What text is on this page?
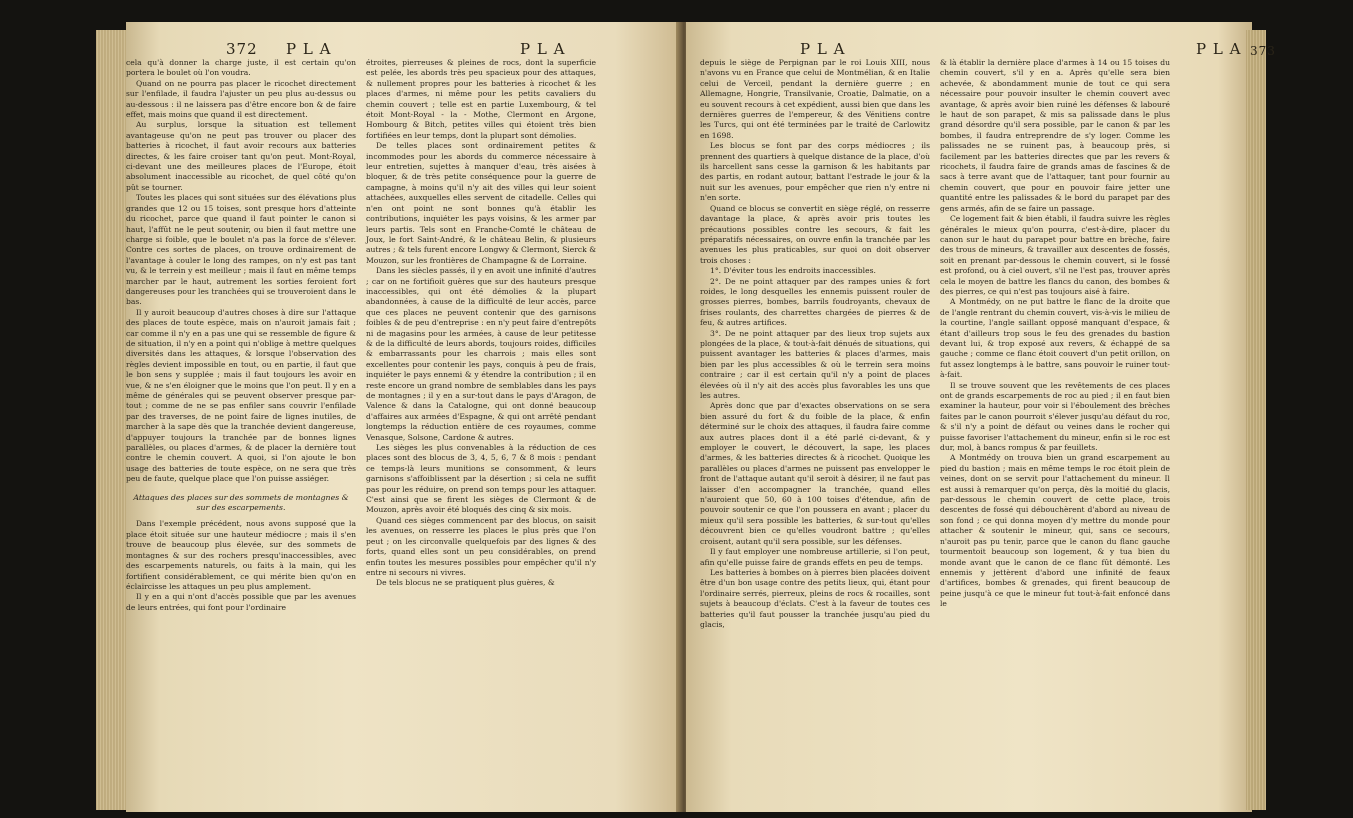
372 P L A	P L A	P L A	P L A 373

cela qu'à donner la charge juste, il est certain qu'on portera le boulet où l'on voudra.

Quand on ne pourra pas placer le ricochet directement sur l'enfilade, il faudra l'ajuster un peu plus au-dessus ou au-dessous : il ne laissera pas d'être encore bon & de faire effet, mais moins que quand il est directement.

Au surplus, lorsque la situation est tellement avantageuse qu'on ne peut pas trouver ou placer des batteries à ricochet, il faut avoir recours aux batteries directes, & les faire croiser tant qu'on peut. Mont-Royal, ci-devant une des meilleures places de l'Europe, étoit absolument inaccessible au ricochet, de quel côté qu'on pût se tourner.

Toutes les places qui sont situées sur des élévations plus grandes que 12 ou 15 toises, sont presque hors d'atteinte du ricochet, parce que quand il faut pointer le canon si haut, l'affût ne le peut soutenir, ou bien il faut mettre une charge si foible, que le boulet n'a pas la force de s'élever. Contre ces sortes de places, on trouve ordinairement de l'avantage à couler le long des rampes, on n'y est pas tant vu, & le terrein y est meilleur ; mais il faut en même temps marcher par le haut, autrement les sorties feroient fort dangereuses pour les tranchées qui se trouveroient dans le bas.

Il y auroit beaucoup d'autres choses à dire sur l'attaque des places de toute espèce, mais on n'auroit jamais fait ; car comme il n'y en a pas une qui se ressemble de figure & de situation, il n'y en a point qui n'oblige à mettre quelques diversités dans les attaques, & lorsque l'observation des règles devient impossible en tout, ou en partie, il faut que le bon sens y supplée ; mais il faut toujours les avoir en vue, & ne s'en éloigner que le moins que l'on peut. Il y en a même de générales qui se peuvent observer presque par-tout ; comme de ne se pas enfiler sans couvrir l'enfilade par des traverses, de ne point faire de lignes inutiles, de marcher à la sape dès que la tranchée devient dangereuse, d'appuyer toujours la tranchée par de bonnes lignes parallèles, ou places d'armes, & de placer la dernière tout contre le chemin couvert. A quoi, si l'on ajoute le bon usage des batteries de toute espèce, on ne sera que très peu de faute, quelque place que l'on puisse assiéger.

Attaques des places sur des sommets de montagnes & sur des escarpements.

Dans l'exemple précédent, nous avons supposé que la place étoit située sur une hauteur médiocre ; mais il s'en trouve de beaucoup plus élevée, sur des sommets de montagnes & sur des rochers presqu'inaccessibles, avec des escarpements naturels, ou faits à la main, qui les fortifient considérablement, ce qui mérite bien qu'on en éclaircisse les attaques un peu plus amplement.

Il y en a qui n'ont d'accès possible que par les avenues de leurs entrées, qui font pour l'ordinaire

étroites, pierreuses & pleines de rocs, dont la superficie est pelée, les abords très peu spacieux pour des attaques, & nullement propres pour les batteries à ricochet & les places d'armes, ni même pour les petits cavaliers du chemin couvert ; telle est en partie Luxembourg, & tel étoit Mont-Royal - la - Mothe, Clermont en Argone, Hombourg & Bitch, petites villes qui étoient très bien fortifiées en leur temps, dont la plupart sont démolies.

De telles places sont ordinairement petites & incommodes pour les abords du commerce nécessaire à leur entretien, sujettes à manquer d'eau, très aisées à bloquer, & de très petite conséquence pour la guerre de campagne, à moins qu'il n'y ait des villes qui leur soient attachées, auxquelles elles servent de citadelle. Celles qui n'en ont point ne sont bonnes qu'à établir les contributions, inquiéter les pays voisins, & les armer par leurs partis. Tels sont en Franche-Comté le château de Joux, le fort Saint-André, & le château Belin, & plusieurs autres ; & tels furent encore Longwy & Clermont, Sierck & Mouzon, sur les frontières de Champagne & de Lorraine.

Dans les siècles passés, il y en avoit une infinité d'autres ; car on ne fortifioit guères que sur des hauteurs presque inaccessibles, qui ont été démolies & la plupart abandonnées, à cause de la difficulté de leur accès, parce que ces places ne peuvent contenir que des garnisons foibles & de peu d'entreprise : en n'y peut faire d'entrepôts ni de magasins pour les armées, à cause de leur petitesse & de la difficulté de leurs abords, toujours roides, difficiles & embarrassants pour les charrois ; mais elles sont excellentes pour contenir les pays, conquis à peu de frais, inquiéter le pays ennemi & y étendre la contribution ; il en reste encore un grand nombre de semblables dans les pays de montagnes ; il y en a sur-tout dans le pays d'Aragon, de Valence & dans la Catalogne, qui ont donné beaucoup d'affaires aux armées d'Espagne, & qui ont arrêté pendant longtemps la réduction entière de ces royaumes, comme Venasque, Solsone, Cardone & autres.

Les sièges les plus convenables à la réduction de ces places sont des blocus de 3, 4, 5, 6, 7 & 8 mois : pendant ce temps-là leurs munitions se consomment, & leurs garnisons s'affoiblissent par la désertion ; si cela ne suffit pas pour les réduire, on prend son temps pour les attaquer. C'est ainsi que se firent les sièges de Clermont & de Mouzon, après avoir été bloqués des cinq & six mois.

Quand ces sièges commencent par des blocus, on saisit les avenues, on resserre les places le plus près que l'on peut ; on les circonvalle quelquefois par des lignes & des forts, quand elles sont un peu considérables, on prend enfin toutes les mesures possibles pour empêcher qu'il n'y entre ni secours ni vivres.

De tels blocus ne se pratiquent plus guères, &

depuis le siège de Perpignan par le roi Louis XIII, nous n'avons vu en France que celui de Montmélian, & en Italie celui de Verceil, pendant la dernière guerre ; en Allemagne, Hongrie, Transilvanie, Croatie, Dalmatie, on a eu souvent recours à cet expédient, aussi bien que dans les dernières guerres de l'empereur, & des Vénitiens contre les Turcs, qui ont été terminées par le traité de Carlowitz en 1698.

Les blocus se font par des corps médiocres ; ils prennent des quartiers à quelque distance de la place, d'où ils harcellent sans cesse la garnison & les habitants par des partis, en rodant autour, battant l'estrade le jour & la nuit sur les avenues, pour empêcher que rien n'y entre ni n'en sorte.

Quand ce blocus se convertit en siège réglé, on resserre davantage la place, & après avoir pris toutes les précautions possibles contre les secours, & fait les préparatifs nécessaires, on ouvre enfin la tranchée par les avenues les plus praticables, sur quoi on doit observer trois choses :

1°. D'éviter tous les endroits inaccessibles.

2°. De ne point attaquer par des rampes unies & fort roides, le long desquelles les ennemis puissent rouler de grosses pierres, bombes, barrils foudroyants, chevaux de frises roulants, des charrettes chargées de pierres & de feu, & autres artifices.

3°. De ne point attaquer par des lieux trop sujets aux plongées de la place, & tout-à-fait dénués de situations, qui puissent avantager les batteries & places d'armes, mais bien par les plus accessibles & où le terrein sera moins contraire ; car il est certain qu'il n'y a point de places élevées où il n'y ait des accès plus favorables les uns que les autres.

Après donc que par d'exactes observations on se sera bien assuré du fort & du foible de la place, & enfin déterminé sur le choix des attaques, il faudra faire comme aux autres places dont il a été parlé ci-devant, & y employer le couvert, le découvert, la sape, les places d'armes, & les batteries directes & à ricochet. Quoique les parallèles ou places d'armes ne puissent pas envelopper le front de l'attaque autant qu'il seroit à désirer, il ne faut pas laisser d'en accompagner la tranchée, quand elles n'auroient que 50, 60 à 100 toises d'étendue, afin de pouvoir soutenir ce que l'on poussera en avant ; placer du mieux qu'il sera possible les batteries, & sur-tout qu'elles découvrent bien ce qu'elles voudront battre ; qu'elles croisent, autant qu'il sera possible, sur les défenses.

Il y faut employer une nombreuse artillerie, si l'on peut, afin qu'elle puisse faire de grands effets en peu de temps.

Les batteries à bombes on à pierres bien placées doivent être d'un bon usage contre des petits lieux, qui, étant pour l'ordinaire serrés, pierreux, pleins de rocs & rocailles, sont sujets à beaucoup d'éclats. C'est à la faveur de toutes ces batteries qu'il faut pousser la tranchée jusqu'au pied du glacis,

& là établir la dernière place d'armes à 14 ou 15 toises du chemin couvert, s'il y en a. Après qu'elle sera bien achevée, & abondamment munie de tout ce qui sera nécessaire pour pouvoir insulter le chemin couvert avec avantage, & après avoir bien ruiné les défenses & labouré le haut de son parapet, & mis sa palissade dans le plus grand désordre qu'il sera possible, par le canon & par les bombes, il faudra entreprendre de s'y loger. Comme les palissades ne se ruinent pas, à beaucoup près, si facilement par les batteries directes que par les revers & ricochets, il faudra faire de grands amas de fascines & de sacs à terre avant que de l'attaquer, tant pour fournir au chemin couvert, que pour en pouvoir faire jetter une quantité entre les palissades & le bord du parapet par des gens armés, afin de se faire un passage.

Ce logement fait & bien établi, il faudra suivre les règles générales le mieux qu'on pourra, c'est-à-dire, placer du canon sur le haut du parapet pour battre en brèche, faire des trous de mineurs, & travailler aux descentes de fossés, soit en prenant par-dessous le chemin couvert, si le fossé est profond, ou à ciel ouvert, s'il ne l'est pas, trouver après cela le moyen de battre les flancs du canon, des bombes & des pierres, ce qui n'est pas toujours aisé à faire.

A Montmédy, on ne put battre le flanc de la droite que de l'angle rentrant du chemin couvert, vis-à-vis le milieu de la courtine, l'angle saillant opposé manquant d'espace, & étant d'ailleurs trop sous le feu des grenades du bastion devant lui, & trop exposé aux revers, & échappé de sa gauche ; comme ce flanc étoit couvert d'un petit orillon, on fut assez longtemps à le battre, sans pouvoir le ruiner tout-à-fait.

Il se trouve souvent que les revêtements de ces places ont de grands escarpements de roc au pied ; il en faut bien examiner la hauteur, pour voir si l'éboulement des brèches faites par le canon pourroit s'élever jusqu'au défaut du roc, & s'il n'y a point de défaut ou veines dans le rocher qui puisse favoriser l'attachement du mineur, enfin si le roc est dur, mol, à bancs rompus & par feuillets.

A Montmédy on trouva bien un grand escarpement au pied du bastion ; mais en même temps le roc étoit plein de veines, dont on se servit pour l'attachement du mineur. Il est aussi à remarquer qu'on perça, dès la moitié du glacis, par-dessous le chemin couvert de cette place, trois descentes de fossé qui débouchèrent d'abord au niveau de son fond ; ce qui donna moyen d'y mettre du monde pour attacher & soutenir le mineur, qui, sans ce secours, n'auroit pas pu tenir, parce que le canon du flanc gauche tourmentoit beaucoup son logement, & y tua bien du monde avant que le canon de ce flanc fût démonté. Les ennemis y jettèrent d'abord une infinité de feaux d'artifices, bombes & grenades, qui firent beaucoup de peine jusqu'à ce que le mineur fut tout-à-fait enfoncé dans le
